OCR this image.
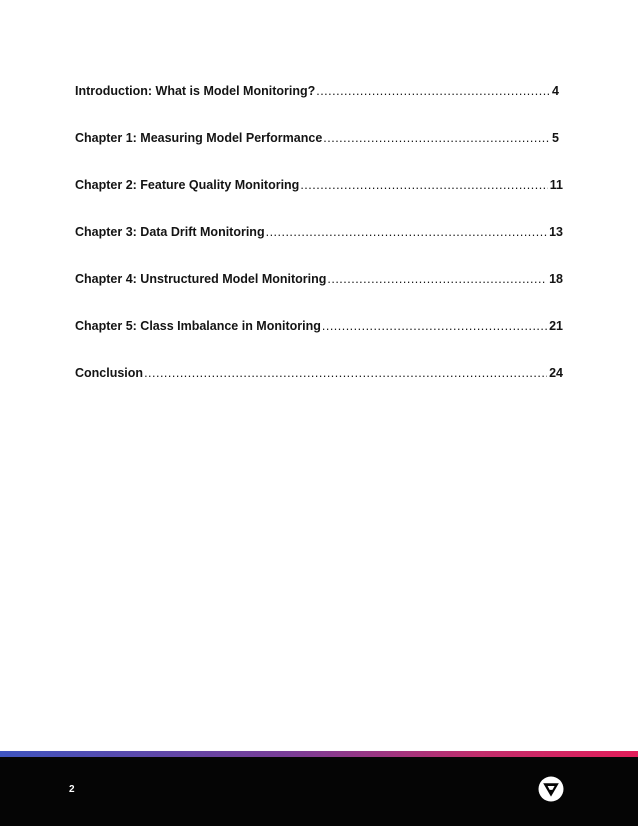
Introduction: What is Model Monitoring? .....	4
Chapter 1: Measuring Model Performance .....	5
Chapter 2: Feature Quality Monitoring .....	11
Chapter 3: Data Drift Monitoring .....	13
Chapter 4: Unstructured Model Monitoring .....	18
Chapter 5: Class Imbalance in Monitoring .....	21
Conclusion .....	24
2
